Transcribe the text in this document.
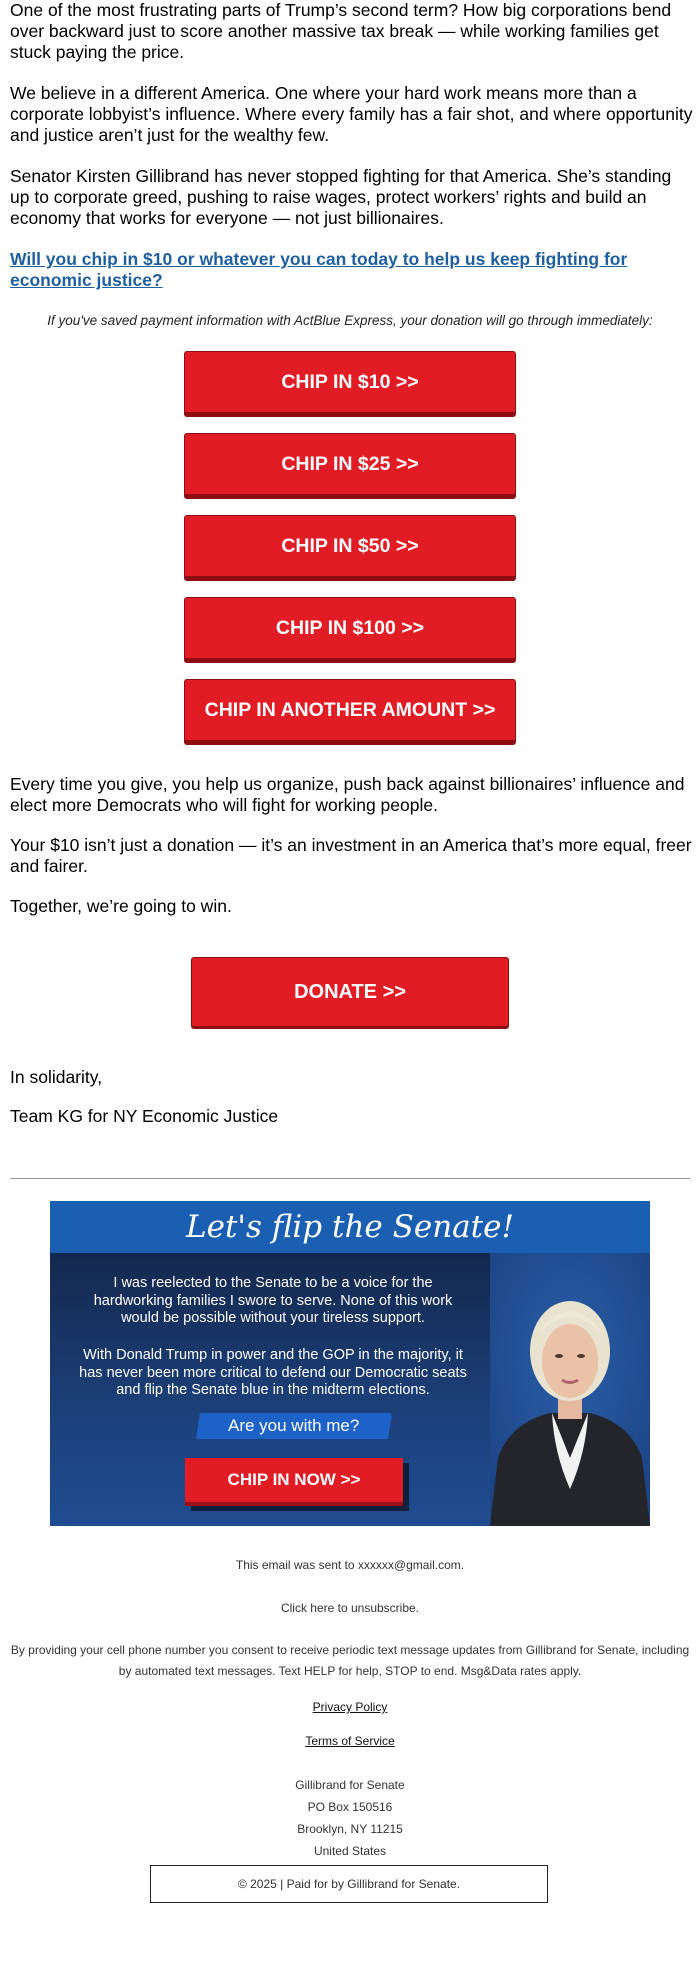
One of the most frustrating parts of Trump’s second term? How big corporations bend over backward just to score another massive tax break — while working families get stuck paying the price.

We believe in a different America. One where your hard work means more than a corporate lobbyist’s influence. Where every family has a fair shot, and where opportunity and justice aren’t just for the wealthy few.

Senator Kirsten Gillibrand has never stopped fighting for that America. She’s standing up to corporate greed, pushing to raise wages, protect workers’ rights and build an economy that works for everyone — not just billionaires.

Will you chip in $10 or whatever you can today to help us keep fighting for economic justice?
If you've saved payment information with ActBlue Express, your donation will go through immediately:
CHIP IN $10 >>
CHIP IN $25 >>
CHIP IN $50 >>
CHIP IN $100 >>
CHIP IN ANOTHER AMOUNT >>

Every time you give, you help us organize, push back against billionaires’ influence and elect more Democrats who will fight for working people.

Your $10 isn’t just a donation — it’s an investment in an America that’s more equal, freer and fairer.

Together, we’re going to win.

DONATE >>

In solidarity,

Team KG for NY Economic Justice

Let's flip the Senate!
I was reelected to the Senate to be a voice for the hardworking families I swore to serve. None of this work would be possible without your tireless support.
With Donald Trump in power and the GOP in the majority, it has never been more critical to defend our Democratic seats and flip the Senate blue in the midterm elections.
Are you with me?
CHIP IN NOW >>
This email was sent to xxxxxx@gmail.com.
Click here to unsubscribe.
By providing your cell phone number you consent to receive periodic text message updates from Gillibrand for Senate, including by automated text messages. Text HELP for help, STOP to end. Msg&Data rates apply.
Privacy Policy
Terms of Service
Gillibrand for Senate
PO Box 150516
Brooklyn, NY 11215
United States
© 2025 | Paid for by Gillibrand for Senate.
